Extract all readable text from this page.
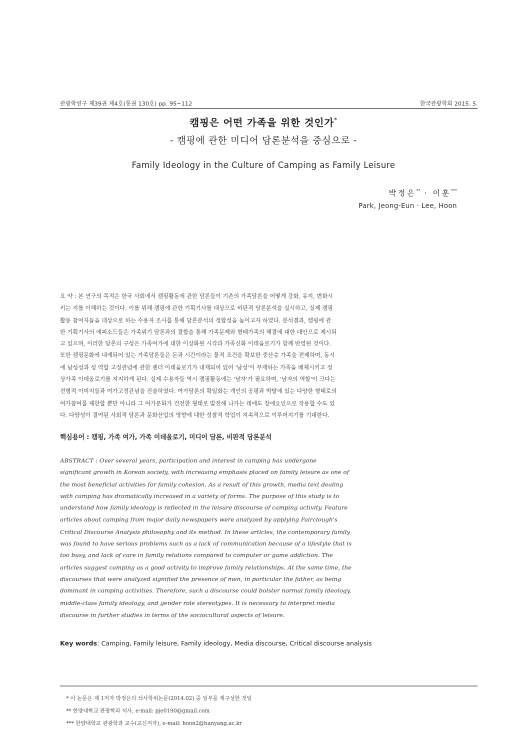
관광학연구 제39권 제4호(통권 130호) pp. 95~112	한국관광학회 2015. 5.
캠핑은 어떤 가족을 위한 것인가*
- 캠핑에 관한 미디어 담론분석을 중심으로 -
Family Ideology in the Culture of Camping as Family Leisure
박정은** · 이훈***
Park, Jeong-Eun · Lee, Hoon
요 약 : 본 연구의 목적은 한국 사회에서 캠핑활동에 관한 담론들이 기존의 가족담론을 어떻게 강화, 유지, 변화시
키는 지를 이해하는 것이다. 이를 위해 캠핑에 관한 기획기사를 대상으로 비판적 담론분석을 실시하고, 실제 캠핑
활동 참여자들을 대상으로 하는 수용자 조사를 통해 담론분석의 정합성을 높이고자 하였다. 분석결과, 캠핑에 관
한 기획기사의 에피소드들은 가족위기 담론과의 결합을 통해 가족문제와 형태가족의 해결에 대한 대안으로 제시되
고 있으며, 이러한 담론의 구성은 가족여가에 대한 이상화된 시각과 가족신화 이데올로기가 함께 반영된 것이다.
또한 캠핑문화에 내재되어 있는 가족담론들은 돈과 시간이라는 물적 조건을 확보한 중산층 가족을 전제하며, 동시
에 남성성과 성 역할 고정관념에 관한 젠더 이데올로기가 내재되어 있어 '남성'이 부재하는 가족을 배제시키고 정
상가족 이데올로기를 지지하게 된다. 실제 수용자들 역시 캠핑활동에는 '남자'가 필요하며, '남자의 역할'이 크다는
전형적 이미지들과 여가고정관념을 진술하였다. 여가담론의 확일화는 개인의 공평과 박탈에 있는 다양한 형태로의
여가참여를 제한할 뿐만 아니라 그 여가문화가 건전한 형태로 발전해 나가는 데에도 장애요인으로 작용할 수도 있
다. 다양성이 결여된 사회적 담론과 문화산업의 영향에 대한 성찰적 학업이 지속적으로 이루어지기를 기대한다.
핵심용어 : 캠핑, 가족 여가, 가족 이데올로기, 미디어 담론, 비판적 담론분석
ABSTRACT : Over several years, participation and interest in camping has undergone
significant growth in Korean society, with increasing emphasis placed on family leisure as one of
the most beneficial activities for family cohesion. As a result of this growth, media text dealing
with camping has dramatically increased in a variety of forms. The purpose of this study is to
understand how family ideology is reflected in the leisure discourse of camping activity. Feature
articles about camping from major daily newspapers were analyzed by applying Fairclough's
Critical Discourse Analysis philosophy and its method. In these articles, the contemporary family
was found to have serious problems such as a lack of communication because of a lifestyle that is
too busy, and lack of care in family relations compared to computer or game addiction. The
articles suggest camping as a good activity to improve family relationships. At the same time, the
discourses that were analyzed signified the presence of men, in particular the father, as being
dominant in camping activities. Therefore, such a discourse could bolster normal family ideology,
middle-class family ideology, and gender role stereotypes. It is necessary to interpret media
discourse in further studies in terms of the sociocultural aspects of leisure.
Key words: Camping, Family leisure, Family ideology, Media discourse, Critical discourse analysis
* 이 논문은 제 1저자 박정은의 석사학위논문(2014.02) 중 일부를 재구성한 것임
** 한양대학교 관광학과 석사, e-mail: pje0190@gmail.com
*** 한양대학교 관광학과 교수(교신저자), e-mail: hoon2@hanyang.ac.kr
